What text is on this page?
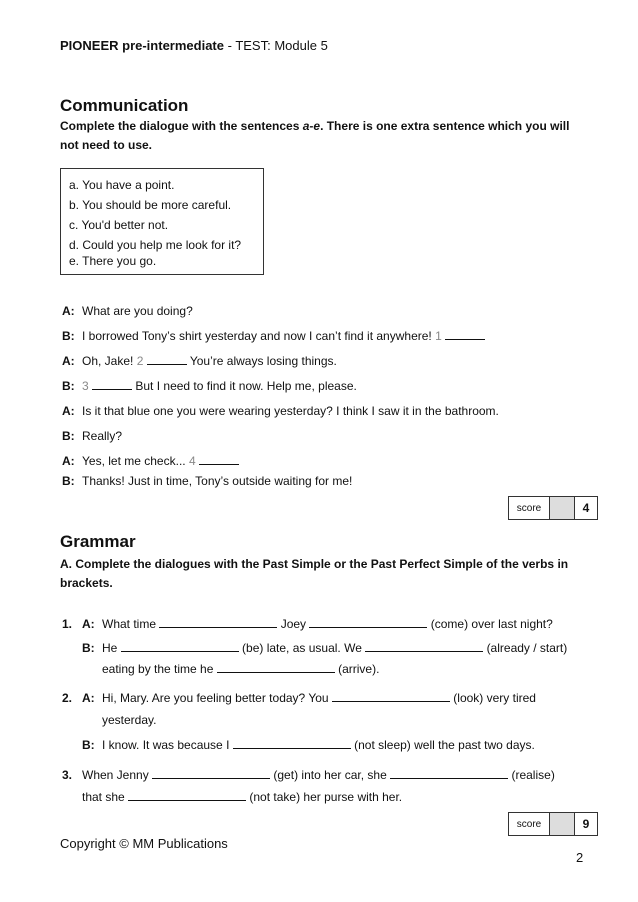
PIONEER pre-intermediate - TEST: Module 5
Communication
Complete the dialogue with the sentences a-e. There is one extra sentence which you will
not need to use.
a. You have a point.
b. You should be more careful.
c. You'd better not.
d. Could you help me look for it?
e. There you go.
A: What are you doing?
B: I borrowed Tony’s shirt yesterday and now I can’t find it anywhere! 1
A: Oh, Jake! 2	You’re always losing things.
B: 3	But I need to find it now. Help me, please.
A: Is it that blue one you were wearing yesterday? I think I saw it in the bathroom.
B: Really?
A: Yes, let me check... 4
B: Thanks! Just in time, Tony’s outside waiting for me!
score	4
Grammar
A. Complete the dialogues with the Past Simple or the Past Perfect Simple of the verbs in
brackets.
1. A: What time	Joey	(come) over last night?
B: He	(be) late, as usual. We	(already / start)
eating by the time he	(arrive).
2. A: Hi, Mary. Are you feeling better today? You	(look) very tired
yesterday.
B: I know. It was because I	(not sleep) well the past two days.
3. When Jenny	(get) into her car, she	(realise)
that she	(not take) her purse with her.
score	9
Copyright © MM Publications
2
